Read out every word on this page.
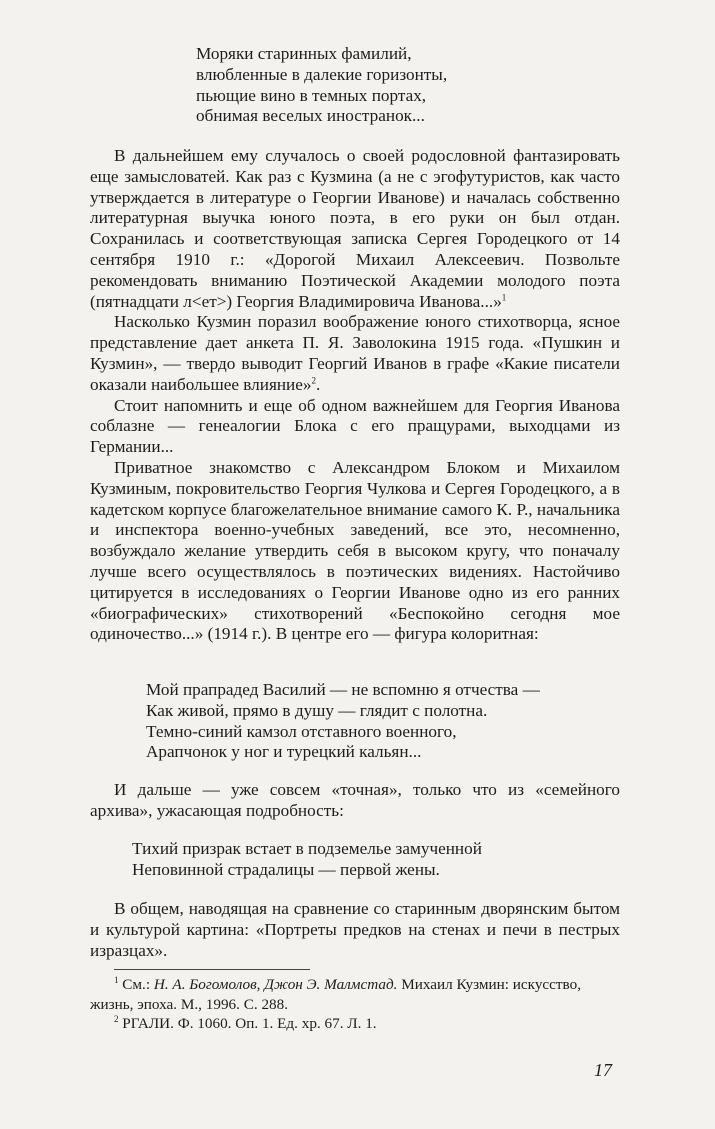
Моряки старинных фамилий,
влюбленные в далекие горизонты,
пьющие вино в темных портах,
обнимая веселых иностранок...

В дальнейшем ему случалось о своей родословной фантазировать еще замысловатей. Как раз с Кузмина (а не с эгофутуристов, как часто утверждается в литературе о Георгии Иванове) и началась собственно литературная выучка юного поэта, в его руки он был отдан. Сохранилась и соответствующая записка Сергея Городецкого от 14 сентября 1910 г.: «Дорогой Михаил Алексеевич. Позвольте рекомендовать вниманию Поэтической Академии молодого поэта (пятнадцати л<ет>) Георгия Владимировича Иванова...»$^1$

Насколько Кузмин поразил воображение юного стихотворца, ясное представление дает анкета П. Я. Заволокина 1915 года. «Пушкин и Кузмин», — твердо выводит Георгий Иванов в графе «Какие писатели оказали наибольшее влияние»$^2$.

Стоит напомнить и еще об одном важнейшем для Георгия Иванова соблазне — генеалогии Блока с его пращурами, выходцами из Германии...

Приватное знакомство с Александром Блоком и Михаилом Кузминым, покровительство Георгия Чулкова и Сергея Городецкого, а в кадетском корпусе благожелательное внимание самого К. Р., начальника и инспектора военно-учебных заведений, все это, несомненно, возбуждало желание утвердить себя в высоком кругу, что поначалу лучше всего осуществлялось в поэтических видениях. Настойчиво цитируется в исследованиях о Георгии Иванове одно из его ранних «биографических» стихотворений «Беспокойно сегодня мое одиночество...» (1914 г.). В центре его — фигура колоритная:

Мой прапрадед Василий — не вспомню я отчества —
Как живой, прямо в душу — глядит с полотна.
Темно-синий камзол отставного военного,
Арапчонок у ног и турецкий кальян...

И дальше — уже совсем «точная», только что из «семейного архива», ужасающая подробность:

Тихий призрак встает в подземелье замученной
Неповинной страдалицы — первой жены.

В общем, наводящая на сравнение со старинным дворянским бытом и культурой картина: «Портреты предков на стенах и печи в пестрых изразцах».

$^1$ См.: Н. А. Богомолов, Джон Э. Малмстад. Михаил Кузмин: искусство, жизнь, эпоха. М., 1996. С. 288.

$^2$ РГАЛИ. Ф. 1060. Оп. 1. Ед. хр. 67. Л. 1.

17
